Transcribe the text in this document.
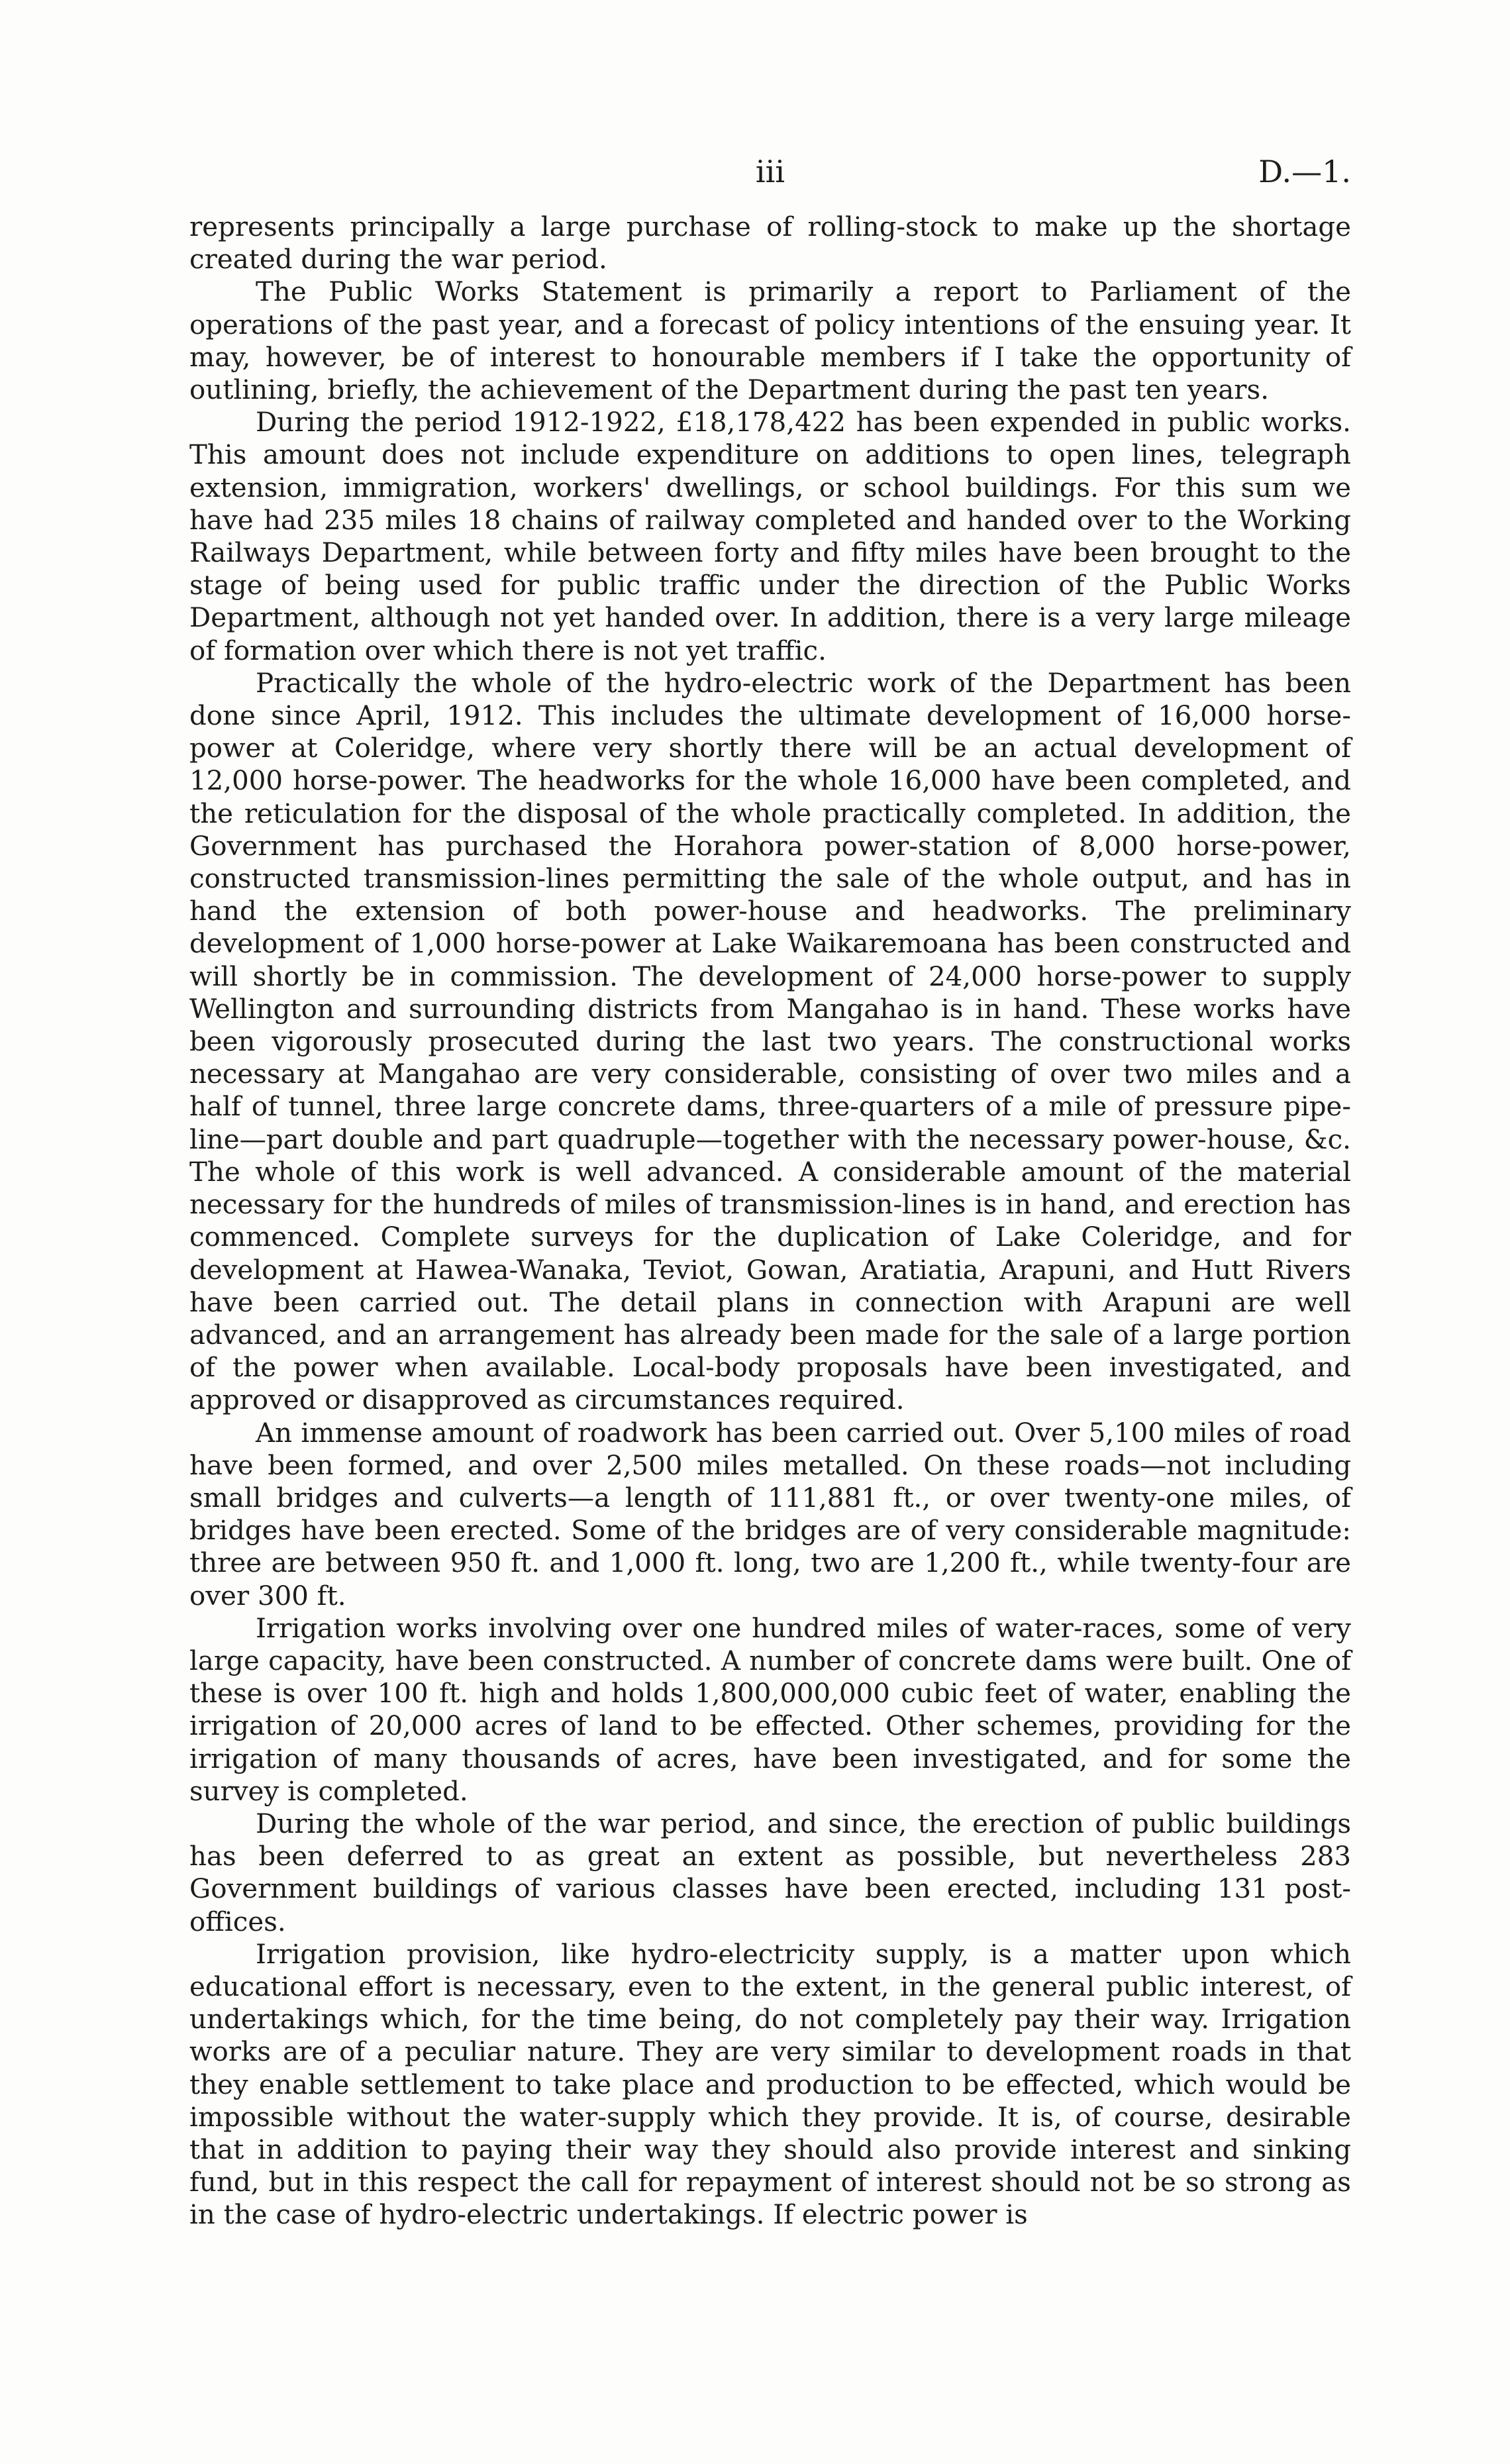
iii	D.—1.

represents principally a large purchase of rolling-stock to make up the shortage created during the war period.

The Public Works Statement is primarily a report to Parliament of the operations of the past year, and a forecast of policy intentions of the ensuing year. It may, however, be of interest to honourable members if I take the opportunity of outlining, briefly, the achievement of the Department during the past ten years.

During the period 1912-1922, £18,178,422 has been expended in public works. This amount does not include expenditure on additions to open lines, telegraph extension, immigration, workers' dwellings, or school buildings. For this sum we have had 235 miles 18 chains of railway completed and handed over to the Working Railways Department, while between forty and fifty miles have been brought to the stage of being used for public traffic under the direction of the Public Works Department, although not yet handed over. In addition, there is a very large mileage of formation over which there is not yet traffic.

Practically the whole of the hydro-electric work of the Department has been done since April, 1912. This includes the ultimate development of 16,000 horse-power at Coleridge, where very shortly there will be an actual development of 12,000 horse-power. The headworks for the whole 16,000 have been completed, and the reticulation for the disposal of the whole practically completed. In addition, the Government has purchased the Horahora power-station of 8,000 horse-power, constructed transmission-lines permitting the sale of the whole output, and has in hand the extension of both power-house and headworks. The preliminary development of 1,000 horse-power at Lake Waikaremoana has been constructed and will shortly be in commission. The development of 24,000 horse-power to supply Wellington and surrounding districts from Mangahao is in hand. These works have been vigorously prosecuted during the last two years. The constructional works necessary at Mangahao are very considerable, consisting of over two miles and a half of tunnel, three large concrete dams, three-quarters of a mile of pressure pipe-line—part double and part quadruple—together with the necessary power-house, &c. The whole of this work is well advanced. A considerable amount of the material necessary for the hundreds of miles of transmission-lines is in hand, and erection has commenced. Complete surveys for the duplication of Lake Coleridge, and for development at Hawea-Wanaka, Teviot, Gowan, Aratiatia, Arapuni, and Hutt Rivers have been carried out. The detail plans in connection with Arapuni are well advanced, and an arrangement has already been made for the sale of a large portion of the power when available. Local-body proposals have been investigated, and approved or disapproved as circumstances required.

An immense amount of roadwork has been carried out. Over 5,100 miles of road have been formed, and over 2,500 miles metalled. On these roads—not including small bridges and culverts—a length of 111,881 ft., or over twenty-one miles, of bridges have been erected. Some of the bridges are of very considerable magnitude: three are between 950 ft. and 1,000 ft. long, two are 1,200 ft., while twenty-four are over 300 ft.

Irrigation works involving over one hundred miles of water-races, some of very large capacity, have been constructed. A number of concrete dams were built. One of these is over 100 ft. high and holds 1,800,000,000 cubic feet of water, enabling the irrigation of 20,000 acres of land to be effected. Other schemes, providing for the irrigation of many thousands of acres, have been investigated, and for some the survey is completed.

During the whole of the war period, and since, the erection of public buildings has been deferred to as great an extent as possible, but nevertheless 283 Government buildings of various classes have been erected, including 131 post-offices.

Irrigation provision, like hydro-electricity supply, is a matter upon which educational effort is necessary, even to the extent, in the general public interest, of undertakings which, for the time being, do not completely pay their way. Irrigation works are of a peculiar nature. They are very similar to development roads in that they enable settlement to take place and production to be effected, which would be impossible without the water-supply which they provide. It is, of course, desirable that in addition to paying their way they should also provide interest and sinking fund, but in this respect the call for repayment of interest should not be so strong as in the case of hydro-electric undertakings. If electric power is
